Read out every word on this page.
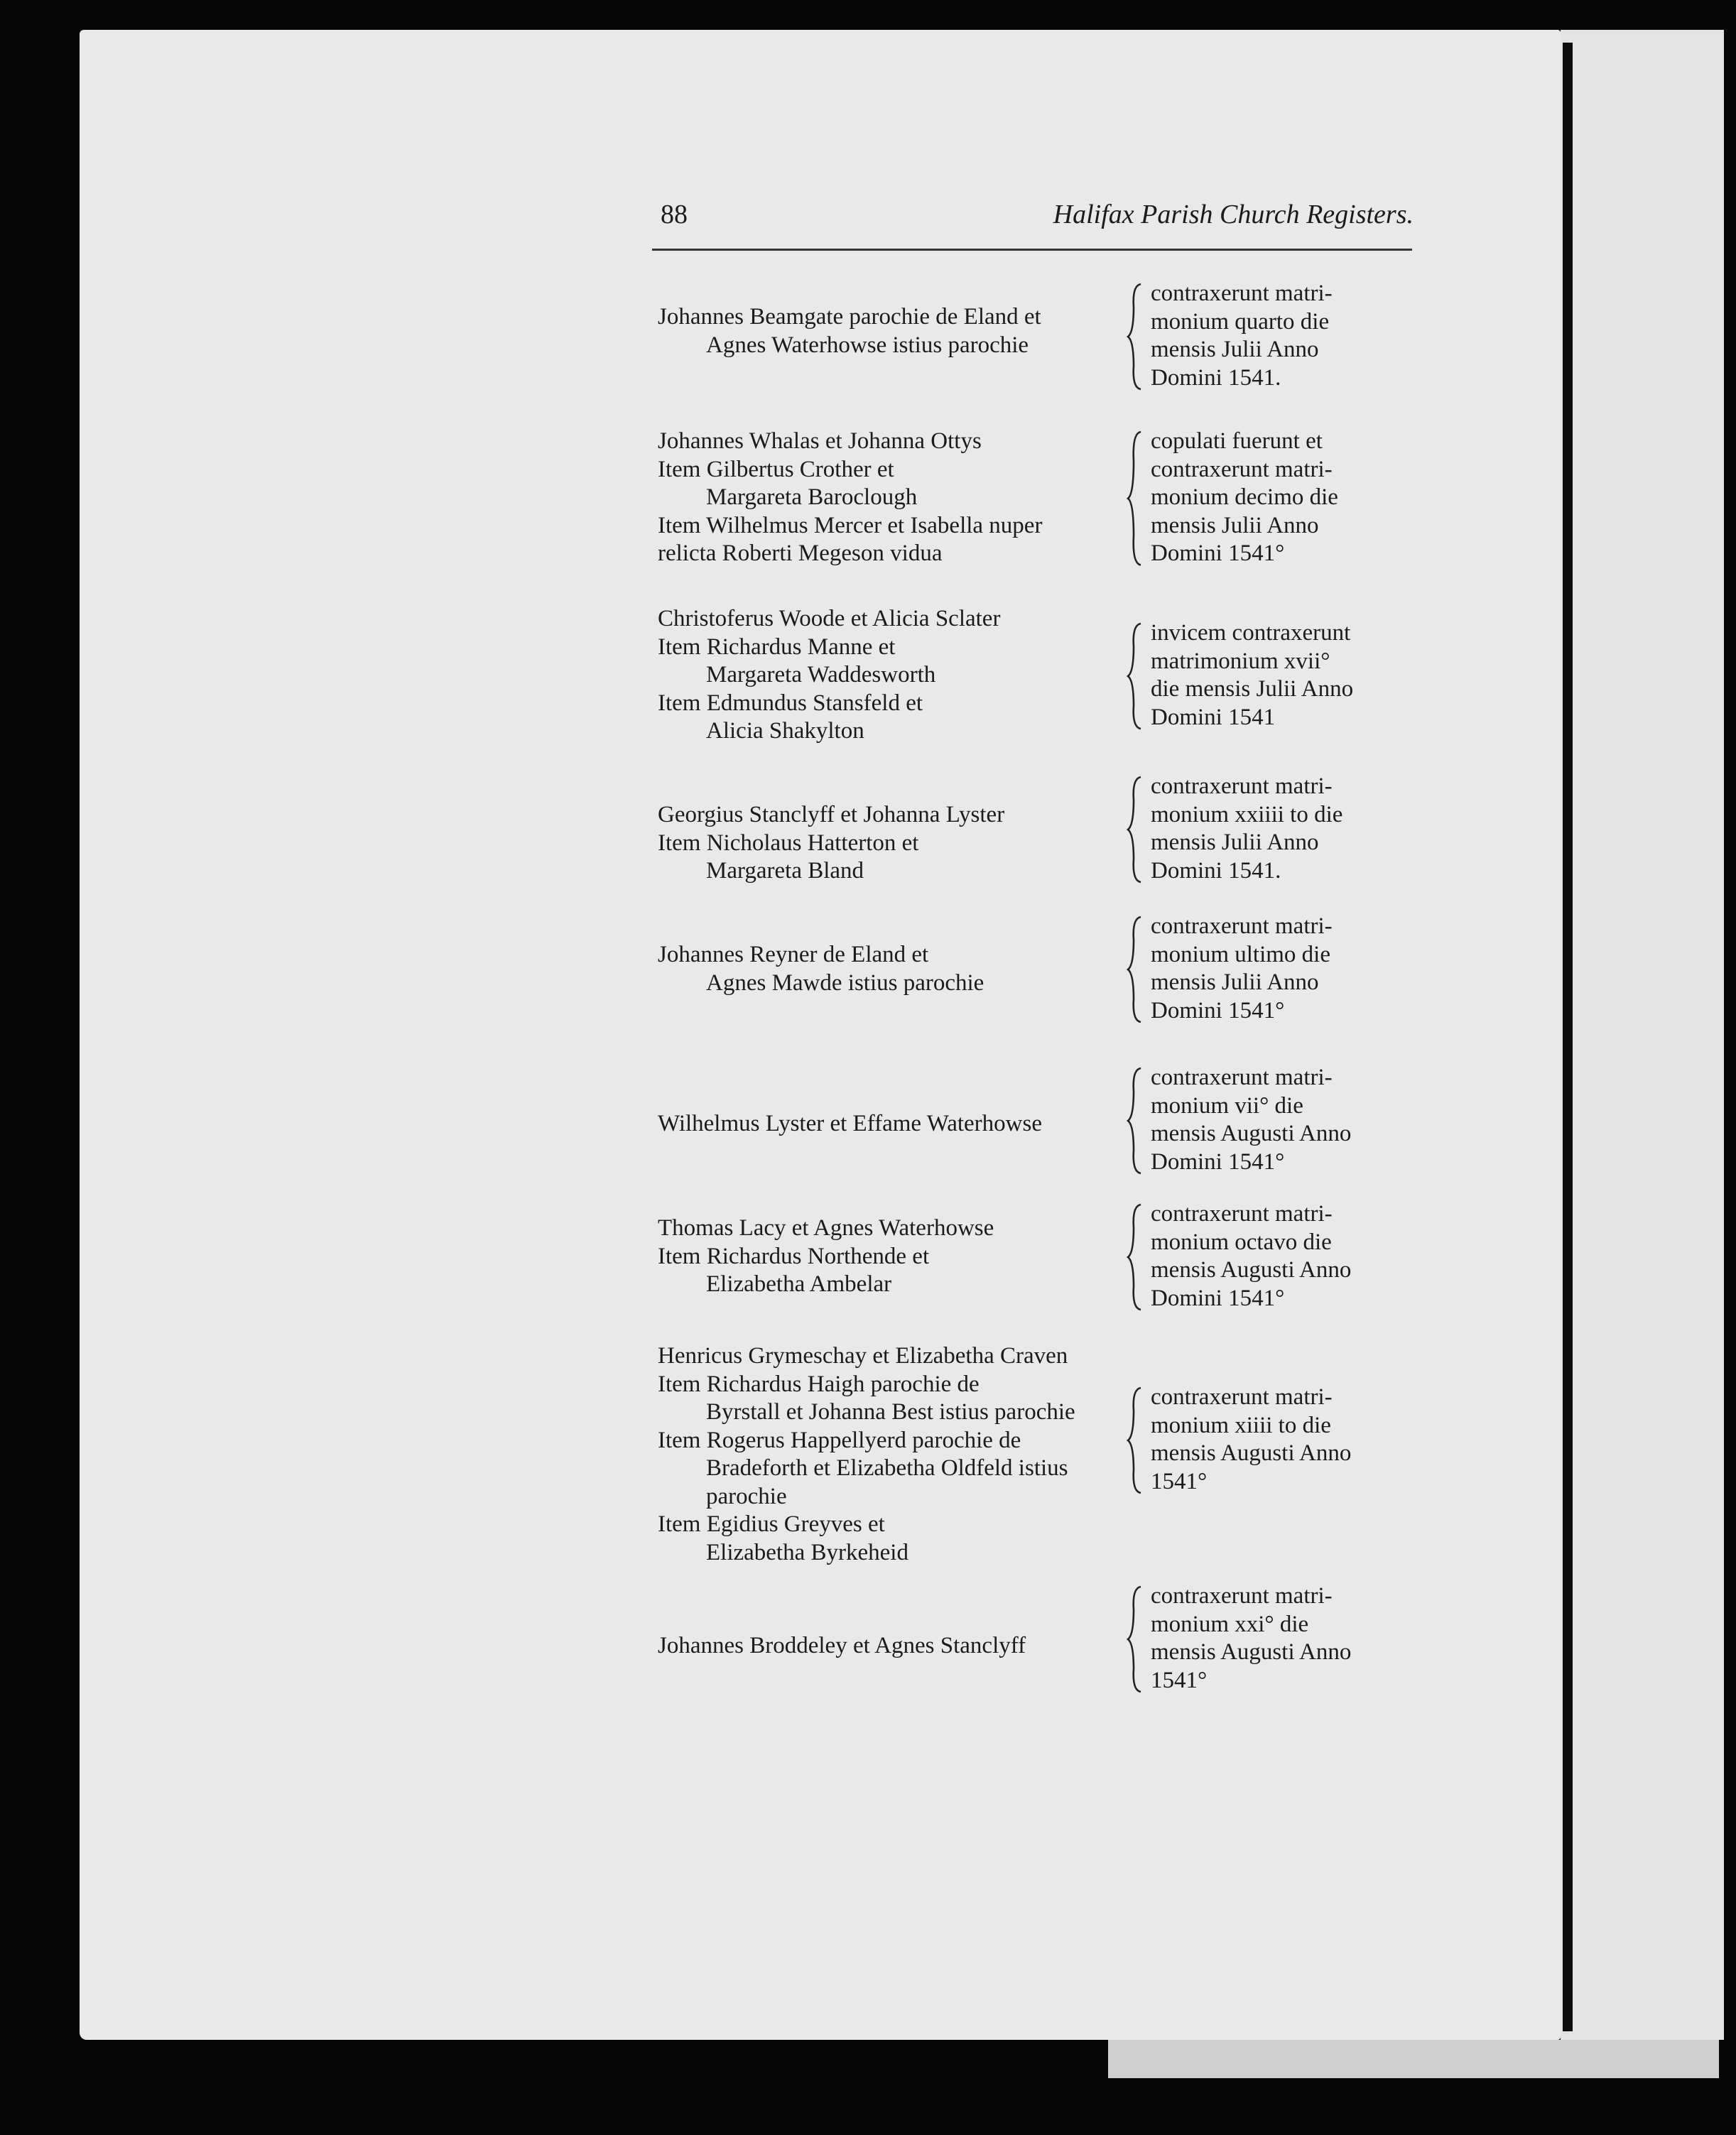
88	Halifax Parish Church Registers.
Johannes Beamgate parochie de Eland et
Agnes Waterhowse istius parochie
contraxerunt matri-
monium quarto die
mensis Julii Anno
Domini 1541.
Johannes Whalas et Johanna Ottys
Item Gilbertus Crother et
Margareta Baroclough
Item Wilhelmus Mercer et Isabella nuper
relicta Roberti Megeson vidua
copulati fuerunt et
contraxerunt matri-
monium decimo die
mensis Julii Anno
Domini 1541°
Christoferus Woode et Alicia Sclater
Item Richardus Manne et
Margareta Waddesworth
Item Edmundus Stansfeld et
Alicia Shakylton
invicem contraxerunt
matrimonium xvii°
die mensis Julii Anno
Domini 1541
Georgius Stanclyff et Johanna Lyster
Item Nicholaus Hatterton et
Margareta Bland
contraxerunt matri-
monium xxiiii to die
mensis Julii Anno
Domini 1541.
Johannes Reyner de Eland et
Agnes Mawde istius parochie
contraxerunt matri-
monium ultimo die
mensis Julii Anno
Domini 1541°
Wilhelmus Lyster et Effame Waterhowse
contraxerunt matri-
monium vii° die
mensis Augusti Anno
Domini 1541°
Thomas Lacy et Agnes Waterhowse
Item Richardus Northende et
Elizabetha Ambelar
contraxerunt matri-
monium octavo die
mensis Augusti Anno
Domini 1541°
Henricus Grymeschay et Elizabetha Craven
Item Richardus Haigh parochie de
Byrstall et Johanna Best istius parochie
Item Rogerus Happellyerd parochie de
Bradeforth et Elizabetha Oldfeld istius
parochie
Item Egidius Greyves et
Elizabetha Byrkeheid
contraxerunt matri-
monium xiiii to die
mensis Augusti Anno
1541°
Johannes Broddeley et Agnes Stanclyff
contraxerunt matri-
monium xxi° die
mensis Augusti Anno
1541°
